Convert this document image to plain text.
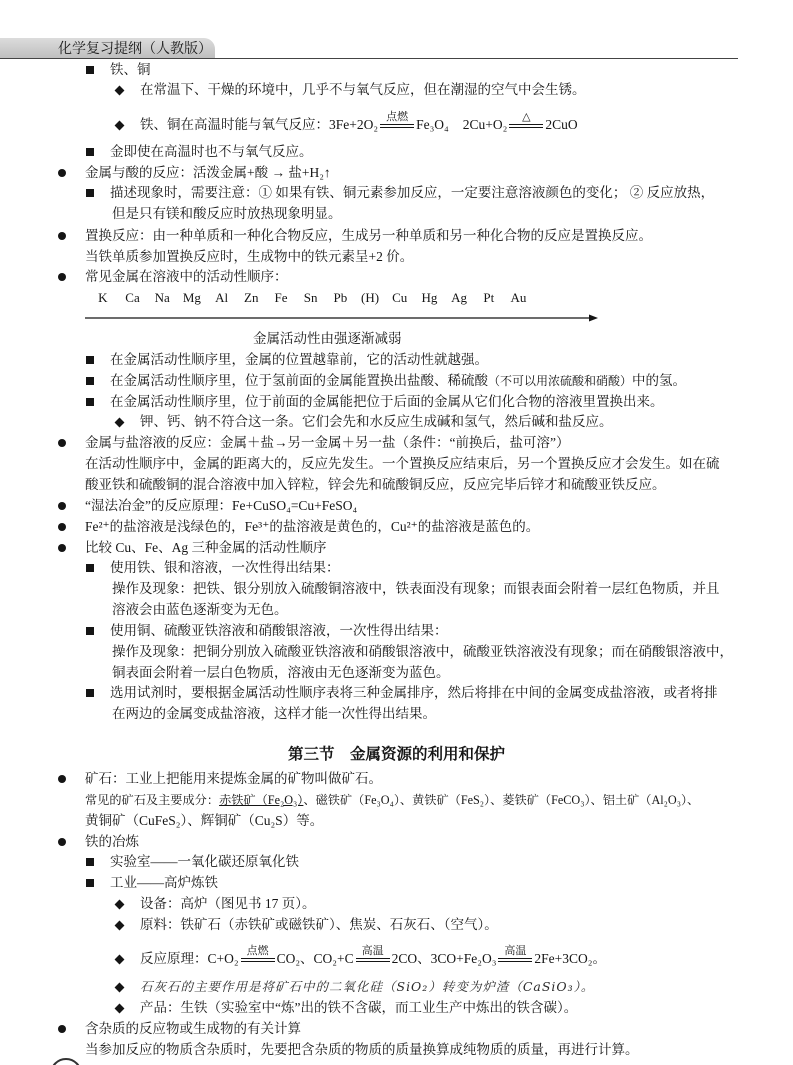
化学复习提纲（人教版）
铁、铜
在常温下、干燥的环境中，几乎不与氧气反应，但在潮湿的空气中会生锈。
铁、铜在高温时能与氧气反应：3Fe+2O₂ 点燃 Fe₃O₄ 2Cu+O₂	△	2CuO
金即使在高温时也不与氧气反应。
金属与酸的反应：活泼金属+酸 → 盐+H₂↑
描述现象时，需要注意：① 如果有铁、铜元素参加反应，一定要注意溶液颜色的变化； ② 反应放热，
但是只有镁和酸反应时放热现象明显。
置换反应：由一种单质和一种化合物反应，生成另一种单质和另一种化合物的反应是置换反应。
当铁单质参加置换反应时，生成物中的铁元素呈+2 价。
常见金属在溶液中的活动性顺序：
K Ca Na Mg Al Zn Fe Sn Pb (H) Cu Hg Ag Pt Au
金属活动性由强逐渐减弱
在金属活动性顺序里，金属的位置越靠前，它的活动性就越强。
在金属活动性顺序里，位于氢前面的金属能置换出盐酸、稀硫酸（不可以用浓硫酸和硝酸）中的氢。
在金属活动性顺序里，位于前面的金属能把位于后面的金属从它们化合物的溶液里置换出来。
钾、钙、钠不符合这一条。它们会先和水反应生成碱和氢气，然后碱和盐反应。
金属与盐溶液的反应：金属＋盐→另一金属＋另一盐（条件：“前换后，盐可溶”）
在活动性顺序中，金属的距离大的，反应先发生。一个置换反应结束后，另一个置换反应才会发生。如在硫
酸亚铁和硫酸铜的混合溶液中加入锌粒，锌会先和硫酸铜反应，反应完毕后锌才和硫酸亚铁反应。
“湿法冶金”的反应原理：Fe+CuSO₄=Cu+FeSO₄
Fe²⁺的盐溶液是浅绿色的，Fe³⁺的盐溶液是黄色的，Cu²⁺的盐溶液是蓝色的。
比较 Cu、Fe、Ag 三种金属的活动性顺序
使用铁、银和溶液，一次性得出结果：
操作及现象：把铁、银分别放入硫酸铜溶液中，铁表面没有现象；而银表面会附着一层红色物质，并且
溶液会由蓝色逐渐变为无色。
使用铜、硫酸亚铁溶液和硝酸银溶液，一次性得出结果：
操作及现象：把铜分别放入硫酸亚铁溶液和硝酸银溶液中，硫酸亚铁溶液没有现象；而在硝酸银溶液中，
铜表面会附着一层白色物质，溶液由无色逐渐变为蓝色。
选用试剂时，要根据金属活动性顺序表将三种金属排序，然后将排在中间的金属变成盐溶液，或者将排
在两边的金属变成盐溶液，这样才能一次性得出结果。
第三节　金属资源的利用和保护
矿石：工业上把能用来提炼金属的矿物叫做矿石。
常见的矿石及主要成分：赤铁矿（Fe₂O₃）、磁铁矿（Fe₃O₄）、黄铁矿（FeS₂）、菱铁矿（FeCO₃）、铝土矿（Al₂O₃）、
黄铜矿（CuFeS₂）、辉铜矿（Cu₂S）等。
铁的冶炼
实验室——一氧化碳还原氧化铁
工业——高炉炼铁
设备：高炉（图见书 17 页）。
原料：铁矿石（赤铁矿或磁铁矿）、焦炭、石灰石、（空气）。
反应原理：C+O₂ 点燃 CO₂、CO₂+C 高温 2CO、3CO+Fe₂O₃ 高温 2Fe+3CO₂。
石灰石的主要作用是将矿石中的二氧化硅（SiO₂）转变为炉渣（CaSiO₃）。
产品：生铁（实验室中“炼”出的铁不含碳，而工业生产中炼出的铁含碳）。
含杂质的反应物或生成物的有关计算
当参加反应的物质含杂质时，先要把含杂质的物质的质量换算成纯物质的质量，再进行计算。
